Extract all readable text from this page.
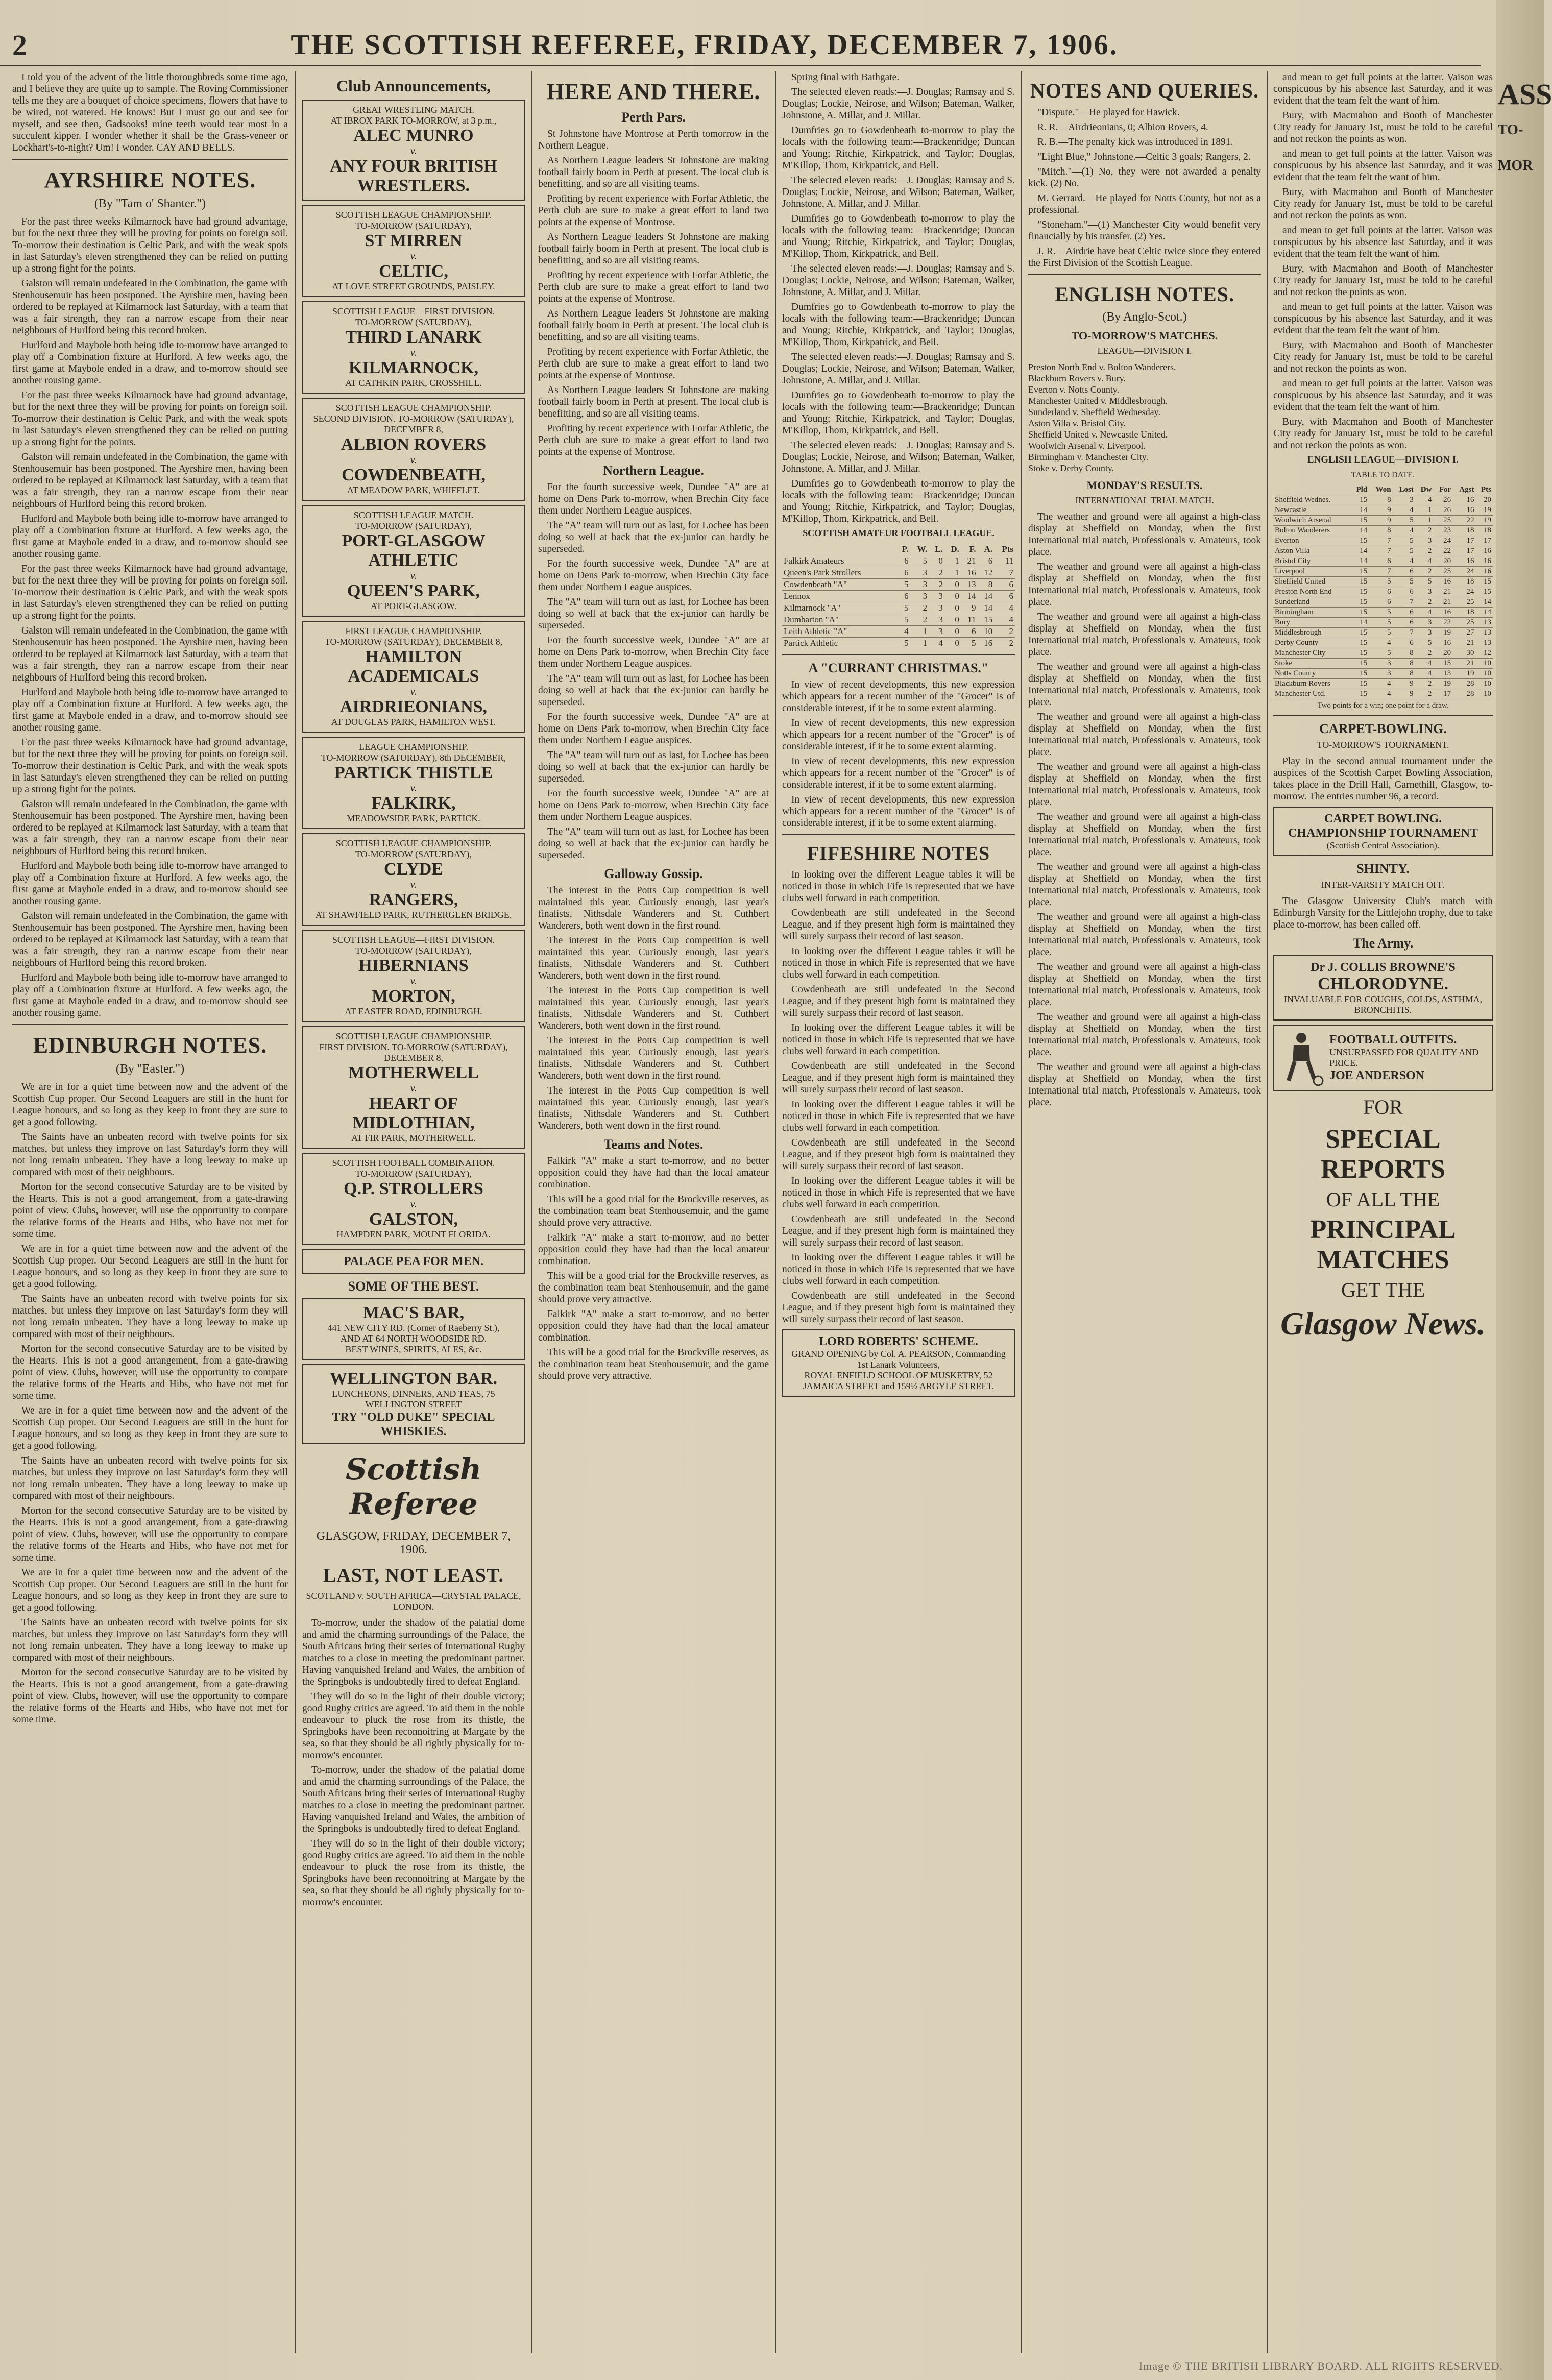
2	THE SCOTTISH REFEREE, FRIDAY, DECEMBER 7, 1906.

I told you of the advent of the little thoroughbreds some time ago, and I believe they are quite up to sample. The Roving Commissioner tells me they are a bouquet of choice specimens, flowers that have to be wired, not watered. He knows! But I must go out and see for myself, and see then, Gadsooks! mine teeth would tear most in a succulent kipper. I wonder whether it shall be the Grass-veneer or Lockhart's-to-night? Um! I wonder. CAY AND BELLS.

AYRSHIRE NOTES.
(By "Tam o' Shanter.")

For the past three weeks Kilmarnock have had ground advantage, but for the next three they will be proving for points on foreign soil. To-morrow their destination is Celtic Park, and with the weak spots in last Saturday's eleven strengthened they can be relied on putting up a strong fight for the points.

Galston will remain undefeated in the Combination, the game with Stenhousemuir has been postponed. The Ayrshire men, having been ordered to be replayed at Kilmarnock last Saturday, with a team that was a fair strength, they ran a narrow escape from their near neighbours of Hurlford being this record broken.

Hurlford and Maybole both being idle to-morrow have arranged to play off a Combination fixture at Hurlford. A few weeks ago, the first game at Maybole ended in a draw, and to-morrow should see another rousing game.

For the past three weeks Kilmarnock have had ground advantage, but for the next three they will be proving for points on foreign soil. To-morrow their destination is Celtic Park, and with the weak spots in last Saturday's eleven strengthened they can be relied on putting up a strong fight for the points.

Galston will remain undefeated in the Combination, the game with Stenhousemuir has been postponed. The Ayrshire men, having been ordered to be replayed at Kilmarnock last Saturday, with a team that was a fair strength, they ran a narrow escape from their near neighbours of Hurlford being this record broken.

Hurlford and Maybole both being idle to-morrow have arranged to play off a Combination fixture at Hurlford. A few weeks ago, the first game at Maybole ended in a draw, and to-morrow should see another rousing game.

For the past three weeks Kilmarnock have had ground advantage, but for the next three they will be proving for points on foreign soil. To-morrow their destination is Celtic Park, and with the weak spots in last Saturday's eleven strengthened they can be relied on putting up a strong fight for the points.

Galston will remain undefeated in the Combination, the game with Stenhousemuir has been postponed. The Ayrshire men, having been ordered to be replayed at Kilmarnock last Saturday, with a team that was a fair strength, they ran a narrow escape from their near neighbours of Hurlford being this record broken.

Hurlford and Maybole both being idle to-morrow have arranged to play off a Combination fixture at Hurlford. A few weeks ago, the first game at Maybole ended in a draw, and to-morrow should see another rousing game.

For the past three weeks Kilmarnock have had ground advantage, but for the next three they will be proving for points on foreign soil. To-morrow their destination is Celtic Park, and with the weak spots in last Saturday's eleven strengthened they can be relied on putting up a strong fight for the points.

Galston will remain undefeated in the Combination, the game with Stenhousemuir has been postponed. The Ayrshire men, having been ordered to be replayed at Kilmarnock last Saturday, with a team that was a fair strength, they ran a narrow escape from their near neighbours of Hurlford being this record broken.

Hurlford and Maybole both being idle to-morrow have arranged to play off a Combination fixture at Hurlford. A few weeks ago, the first game at Maybole ended in a draw, and to-morrow should see another rousing game.

Galston will remain undefeated in the Combination, the game with Stenhousemuir has been postponed. The Ayrshire men, having been ordered to be replayed at Kilmarnock last Saturday, with a team that was a fair strength, they ran a narrow escape from their near neighbours of Hurlford being this record broken.

Hurlford and Maybole both being idle to-morrow have arranged to play off a Combination fixture at Hurlford. A few weeks ago, the first game at Maybole ended in a draw, and to-morrow should see another rousing game.

EDINBURGH NOTES.
(By "Easter.")

We are in for a quiet time between now and the advent of the Scottish Cup proper. Our Second Leaguers are still in the hunt for League honours, and so long as they keep in front they are sure to get a good following.

The Saints have an unbeaten record with twelve points for six matches, but unless they improve on last Saturday's form they will not long remain unbeaten. They have a long leeway to make up compared with most of their neighbours.

Morton for the second consecutive Saturday are to be visited by the Hearts. This is not a good arrangement, from a gate-drawing point of view. Clubs, however, will use the opportunity to compare the relative forms of the Hearts and Hibs, who have not met for some time.

We are in for a quiet time between now and the advent of the Scottish Cup proper. Our Second Leaguers are still in the hunt for League honours, and so long as they keep in front they are sure to get a good following.

The Saints have an unbeaten record with twelve points for six matches, but unless they improve on last Saturday's form they will not long remain unbeaten. They have a long leeway to make up compared with most of their neighbours.

Morton for the second consecutive Saturday are to be visited by the Hearts. This is not a good arrangement, from a gate-drawing point of view. Clubs, however, will use the opportunity to compare the relative forms of the Hearts and Hibs, who have not met for some time.

We are in for a quiet time between now and the advent of the Scottish Cup proper. Our Second Leaguers are still in the hunt for League honours, and so long as they keep in front they are sure to get a good following.

The Saints have an unbeaten record with twelve points for six matches, but unless they improve on last Saturday's form they will not long remain unbeaten. They have a long leeway to make up compared with most of their neighbours.

Morton for the second consecutive Saturday are to be visited by the Hearts. This is not a good arrangement, from a gate-drawing point of view. Clubs, however, will use the opportunity to compare the relative forms of the Hearts and Hibs, who have not met for some time.

We are in for a quiet time between now and the advent of the Scottish Cup proper. Our Second Leaguers are still in the hunt for League honours, and so long as they keep in front they are sure to get a good following.

The Saints have an unbeaten record with twelve points for six matches, but unless they improve on last Saturday's form they will not long remain unbeaten. They have a long leeway to make up compared with most of their neighbours.

Morton for the second consecutive Saturday are to be visited by the Hearts. This is not a good arrangement, from a gate-drawing point of view. Clubs, however, will use the opportunity to compare the relative forms of the Hearts and Hibs, who have not met for some time.

Club Announcements,
GREAT WRESTLING MATCH.
AT IBROX PARK TO-MORROW, at 3 p.m.,
ALEC MUNRO
v.
ANY FOUR BRITISH WRESTLERS.
SCOTTISH LEAGUE CHAMPIONSHIP.
TO-MORROW (SATURDAY),
ST MIRREN
v.
CELTIC,
AT LOVE STREET GROUNDS, PAISLEY.
SCOTTISH LEAGUE—FIRST DIVISION.
TO-MORROW (SATURDAY),
THIRD LANARK
v.
KILMARNOCK,
AT CATHKIN PARK, CROSSHILL.
SCOTTISH LEAGUE CHAMPIONSHIP.
SECOND DIVISION. TO-MORROW (SATURDAY), DECEMBER 8,
ALBION ROVERS
v.
COWDENBEATH,
AT MEADOW PARK, WHIFFLET.
SCOTTISH LEAGUE MATCH.
TO-MORROW (SATURDAY),
PORT-GLASGOW ATHLETIC
v.
QUEEN'S PARK,
AT PORT-GLASGOW.
FIRST LEAGUE CHAMPIONSHIP.
TO-MORROW (SATURDAY), DECEMBER 8,
HAMILTON ACADEMICALS
v.
AIRDRIEONIANS,
AT DOUGLAS PARK, HAMILTON WEST.
LEAGUE CHAMPIONSHIP.
TO-MORROW (SATURDAY), 8th DECEMBER,
PARTICK THISTLE
v.
FALKIRK,
MEADOWSIDE PARK, PARTICK.
SCOTTISH LEAGUE CHAMPIONSHIP.
TO-MORROW (SATURDAY),
CLYDE
v.
RANGERS,
AT SHAWFIELD PARK, RUTHERGLEN BRIDGE.
SCOTTISH LEAGUE—FIRST DIVISION.
TO-MORROW (SATURDAY),
HIBERNIANS
v.
MORTON,
AT EASTER ROAD, EDINBURGH.
SCOTTISH LEAGUE CHAMPIONSHIP.
FIRST DIVISION. TO-MORROW (SATURDAY), DECEMBER 8,
MOTHERWELL
v.
HEART OF MIDLOTHIAN,
AT FIR PARK, MOTHERWELL.
SCOTTISH FOOTBALL COMBINATION.
TO-MORROW (SATURDAY),
Q.P. STROLLERS
v.
GALSTON,
HAMPDEN PARK, MOUNT FLORIDA.
PALACE PEA FOR MEN.
SOME OF THE BEST.
MAC'S BAR,
441 NEW CITY RD. (Corner of Raeberry St.),
AND AT 64 NORTH WOODSIDE RD.
BEST WINES, SPIRITS, ALES, &c.
WELLINGTON BAR.
LUNCHEONS, DINNERS, AND TEAS, 75 WELLINGTON STREET
TRY "OLD DUKE" SPECIAL WHISKIES.
Scottish Referee
GLASGOW, FRIDAY, DECEMBER 7, 1906.
LAST, NOT LEAST.
SCOTLAND v. SOUTH AFRICA—CRYSTAL PALACE, LONDON.

To-morrow, under the shadow of the palatial dome and amid the charming surroundings of the Palace, the South Africans bring their series of International Rugby matches to a close in meeting the predominant partner. Having vanquished Ireland and Wales, the ambition of the Springboks is undoubtedly fired to defeat England.

They will do so in the light of their double victory; good Rugby critics are agreed. To aid them in the noble endeavour to pluck the rose from its thistle, the Springboks have been reconnoitring at Margate by the sea, so that they should be all rightly physically for to-morrow's encounter.

To-morrow, under the shadow of the palatial dome and amid the charming surroundings of the Palace, the South Africans bring their series of International Rugby matches to a close in meeting the predominant partner. Having vanquished Ireland and Wales, the ambition of the Springboks is undoubtedly fired to defeat England.

They will do so in the light of their double victory; good Rugby critics are agreed. To aid them in the noble endeavour to pluck the rose from its thistle, the Springboks have been reconnoitring at Margate by the sea, so that they should be all rightly physically for to-morrow's encounter.

HERE AND THERE.
Perth Pars.

St Johnstone have Montrose at Perth tomorrow in the Northern League.

As Northern League leaders St Johnstone are making football fairly boom in Perth at present. The local club is benefitting, and so are all visiting teams.

Profiting by recent experience with Forfar Athletic, the Perth club are sure to make a great effort to land two points at the expense of Montrose.

As Northern League leaders St Johnstone are making football fairly boom in Perth at present. The local club is benefitting, and so are all visiting teams.

Profiting by recent experience with Forfar Athletic, the Perth club are sure to make a great effort to land two points at the expense of Montrose.

As Northern League leaders St Johnstone are making football fairly boom in Perth at present. The local club is benefitting, and so are all visiting teams.

Profiting by recent experience with Forfar Athletic, the Perth club are sure to make a great effort to land two points at the expense of Montrose.

As Northern League leaders St Johnstone are making football fairly boom in Perth at present. The local club is benefitting, and so are all visiting teams.

Profiting by recent experience with Forfar Athletic, the Perth club are sure to make a great effort to land two points at the expense of Montrose.

Northern League.

For the fourth successive week, Dundee "A" are at home on Dens Park to-morrow, when Brechin City face them under Northern League auspices.

The "A" team will turn out as last, for Lochee has been doing so well at back that the ex-junior can hardly be superseded.

For the fourth successive week, Dundee "A" are at home on Dens Park to-morrow, when Brechin City face them under Northern League auspices.

The "A" team will turn out as last, for Lochee has been doing so well at back that the ex-junior can hardly be superseded.

For the fourth successive week, Dundee "A" are at home on Dens Park to-morrow, when Brechin City face them under Northern League auspices.

The "A" team will turn out as last, for Lochee has been doing so well at back that the ex-junior can hardly be superseded.

For the fourth successive week, Dundee "A" are at home on Dens Park to-morrow, when Brechin City face them under Northern League auspices.

The "A" team will turn out as last, for Lochee has been doing so well at back that the ex-junior can hardly be superseded.

For the fourth successive week, Dundee "A" are at home on Dens Park to-morrow, when Brechin City face them under Northern League auspices.

The "A" team will turn out as last, for Lochee has been doing so well at back that the ex-junior can hardly be superseded.

Galloway Gossip.

The interest in the Potts Cup competition is well maintained this year. Curiously enough, last year's finalists, Nithsdale Wanderers and St. Cuthbert Wanderers, both went down in the first round.

The interest in the Potts Cup competition is well maintained this year. Curiously enough, last year's finalists, Nithsdale Wanderers and St. Cuthbert Wanderers, both went down in the first round.

The interest in the Potts Cup competition is well maintained this year. Curiously enough, last year's finalists, Nithsdale Wanderers and St. Cuthbert Wanderers, both went down in the first round.

The interest in the Potts Cup competition is well maintained this year. Curiously enough, last year's finalists, Nithsdale Wanderers and St. Cuthbert Wanderers, both went down in the first round.

The interest in the Potts Cup competition is well maintained this year. Curiously enough, last year's finalists, Nithsdale Wanderers and St. Cuthbert Wanderers, both went down in the first round.

Teams and Notes.

Falkirk "A" make a start to-morrow, and no better opposition could they have had than the local amateur combination.

This will be a good trial for the Brockville reserves, as the combination team beat Stenhousemuir, and the game should prove very attractive.

Falkirk "A" make a start to-morrow, and no better opposition could they have had than the local amateur combination.

This will be a good trial for the Brockville reserves, as the combination team beat Stenhousemuir, and the game should prove very attractive.

Falkirk "A" make a start to-morrow, and no better opposition could they have had than the local amateur combination.

This will be a good trial for the Brockville reserves, as the combination team beat Stenhousemuir, and the game should prove very attractive.

Spring final with Bathgate.

The selected eleven reads:—J. Douglas; Ramsay and S. Douglas; Lockie, Neirose, and Wilson; Bateman, Walker, Johnstone, A. Millar, and J. Millar.

Dumfries go to Gowdenbeath to-morrow to play the locals with the following team:—Brackenridge; Duncan and Young; Ritchie, Kirkpatrick, and Taylor; Douglas, M'Killop, Thom, Kirkpatrick, and Bell.

The selected eleven reads:—J. Douglas; Ramsay and S. Douglas; Lockie, Neirose, and Wilson; Bateman, Walker, Johnstone, A. Millar, and J. Millar.

Dumfries go to Gowdenbeath to-morrow to play the locals with the following team:—Brackenridge; Duncan and Young; Ritchie, Kirkpatrick, and Taylor; Douglas, M'Killop, Thom, Kirkpatrick, and Bell.

The selected eleven reads:—J. Douglas; Ramsay and S. Douglas; Lockie, Neirose, and Wilson; Bateman, Walker, Johnstone, A. Millar, and J. Millar.

Dumfries go to Gowdenbeath to-morrow to play the locals with the following team:—Brackenridge; Duncan and Young; Ritchie, Kirkpatrick, and Taylor; Douglas, M'Killop, Thom, Kirkpatrick, and Bell.

The selected eleven reads:—J. Douglas; Ramsay and S. Douglas; Lockie, Neirose, and Wilson; Bateman, Walker, Johnstone, A. Millar, and J. Millar.

Dumfries go to Gowdenbeath to-morrow to play the locals with the following team:—Brackenridge; Duncan and Young; Ritchie, Kirkpatrick, and Taylor; Douglas, M'Killop, Thom, Kirkpatrick, and Bell.

The selected eleven reads:—J. Douglas; Ramsay and S. Douglas; Lockie, Neirose, and Wilson; Bateman, Walker, Johnstone, A. Millar, and J. Millar.

Dumfries go to Gowdenbeath to-morrow to play the locals with the following team:—Brackenridge; Duncan and Young; Ritchie, Kirkpatrick, and Taylor; Douglas, M'Killop, Thom, Kirkpatrick, and Bell.

SCOTTISH AMATEUR FOOTBALL LEAGUE.
	P.	W.	L.	D.	F.	A.	Pts
Falkirk Amateurs	6	5	0	1	21	6	11
Queen's Park Strollers	6	3	2	1	16	12	7
Cowdenbeath "A"	5	3	2	0	13	8	6
Lennox	6	3	3	0	14	14	6
Kilmarnock "A"	5	2	3	0	9	14	4
Dumbarton "A"	5	2	3	0	11	15	4
Leith Athletic "A"	4	1	3	0	6	10	2
Partick Athletic	5	1	4	0	5	16	2
A "CURRANT CHRISTMAS."

In view of recent developments, this new expression which appears for a recent number of the "Grocer" is of considerable interest, if it be to some extent alarming.

In view of recent developments, this new expression which appears for a recent number of the "Grocer" is of considerable interest, if it be to some extent alarming.

In view of recent developments, this new expression which appears for a recent number of the "Grocer" is of considerable interest, if it be to some extent alarming.

In view of recent developments, this new expression which appears for a recent number of the "Grocer" is of considerable interest, if it be to some extent alarming.

FIFESHIRE NOTES

In looking over the different League tables it will be noticed in those in which Fife is represented that we have clubs well forward in each competition.

Cowdenbeath are still undefeated in the Second League, and if they present high form is maintained they will surely surpass their record of last season.

In looking over the different League tables it will be noticed in those in which Fife is represented that we have clubs well forward in each competition.

Cowdenbeath are still undefeated in the Second League, and if they present high form is maintained they will surely surpass their record of last season.

In looking over the different League tables it will be noticed in those in which Fife is represented that we have clubs well forward in each competition.

Cowdenbeath are still undefeated in the Second League, and if they present high form is maintained they will surely surpass their record of last season.

In looking over the different League tables it will be noticed in those in which Fife is represented that we have clubs well forward in each competition.

Cowdenbeath are still undefeated in the Second League, and if they present high form is maintained they will surely surpass their record of last season.

In looking over the different League tables it will be noticed in those in which Fife is represented that we have clubs well forward in each competition.

Cowdenbeath are still undefeated in the Second League, and if they present high form is maintained they will surely surpass their record of last season.

In looking over the different League tables it will be noticed in those in which Fife is represented that we have clubs well forward in each competition.

Cowdenbeath are still undefeated in the Second League, and if they present high form is maintained they will surely surpass their record of last season.

LORD ROBERTS' SCHEME.
GRAND OPENING by Col. A. PEARSON, Commanding 1st Lanark Volunteers,
ROYAL ENFIELD SCHOOL OF MUSKETRY, 52 JAMAICA STREET and 159½ ARGYLE STREET.
NOTES AND QUERIES.

"Dispute."—He played for Hawick.

R. R.—Airdrieonians, 0; Albion Rovers, 4.

R. B.—The penalty kick was introduced in 1891.

"Light Blue," Johnstone.—Celtic 3 goals; Rangers, 2.

"Mitch."—(1) No, they were not awarded a penalty kick. (2) No.

M. Gerrard.—He played for Notts County, but not as a professional.

"Stoneham."—(1) Manchester City would benefit very financially by his transfer. (2) Yes.

J. R.—Airdrie have beat Celtic twice since they entered the First Division of the Scottish League.

ENGLISH NOTES.
(By Anglo-Scot.)
TO-MORROW'S MATCHES.
LEAGUE—DIVISION I.
Preston North End v. Bolton Wanderers.
Blackburn Rovers v. Bury.
Everton v. Notts County.
Manchester United v. Middlesbrough.
Sunderland v. Sheffield Wednesday.
Aston Villa v. Bristol City.
Sheffield United v. Newcastle United.
Woolwich Arsenal v. Liverpool.
Birmingham v. Manchester City.
Stoke v. Derby County.
MONDAY'S RESULTS.
INTERNATIONAL TRIAL MATCH.

The weather and ground were all against a high-class display at Sheffield on Monday, when the first International trial match, Professionals v. Amateurs, took place.

The weather and ground were all against a high-class display at Sheffield on Monday, when the first International trial match, Professionals v. Amateurs, took place.

The weather and ground were all against a high-class display at Sheffield on Monday, when the first International trial match, Professionals v. Amateurs, took place.

The weather and ground were all against a high-class display at Sheffield on Monday, when the first International trial match, Professionals v. Amateurs, took place.

The weather and ground were all against a high-class display at Sheffield on Monday, when the first International trial match, Professionals v. Amateurs, took place.

The weather and ground were all against a high-class display at Sheffield on Monday, when the first International trial match, Professionals v. Amateurs, took place.

The weather and ground were all against a high-class display at Sheffield on Monday, when the first International trial match, Professionals v. Amateurs, took place.

The weather and ground were all against a high-class display at Sheffield on Monday, when the first International trial match, Professionals v. Amateurs, took place.

The weather and ground were all against a high-class display at Sheffield on Monday, when the first International trial match, Professionals v. Amateurs, took place.

The weather and ground were all against a high-class display at Sheffield on Monday, when the first International trial match, Professionals v. Amateurs, took place.

The weather and ground were all against a high-class display at Sheffield on Monday, when the first International trial match, Professionals v. Amateurs, took place.

The weather and ground were all against a high-class display at Sheffield on Monday, when the first International trial match, Professionals v. Amateurs, took place.

and mean to get full points at the latter. Vaison was conspicuous by his absence last Saturday, and it was evident that the team felt the want of him.

Bury, with Macmahon and Booth of Manchester City ready for January 1st, must be told to be careful and not reckon the points as won.

and mean to get full points at the latter. Vaison was conspicuous by his absence last Saturday, and it was evident that the team felt the want of him.

Bury, with Macmahon and Booth of Manchester City ready for January 1st, must be told to be careful and not reckon the points as won.

and mean to get full points at the latter. Vaison was conspicuous by his absence last Saturday, and it was evident that the team felt the want of him.

Bury, with Macmahon and Booth of Manchester City ready for January 1st, must be told to be careful and not reckon the points as won.

and mean to get full points at the latter. Vaison was conspicuous by his absence last Saturday, and it was evident that the team felt the want of him.

Bury, with Macmahon and Booth of Manchester City ready for January 1st, must be told to be careful and not reckon the points as won.

and mean to get full points at the latter. Vaison was conspicuous by his absence last Saturday, and it was evident that the team felt the want of him.

Bury, with Macmahon and Booth of Manchester City ready for January 1st, must be told to be careful and not reckon the points as won.

ENGLISH LEAGUE—DIVISION I.
TABLE TO DATE.
	Pld	Won	Lost	Dw	For	Agst	Pts
Sheffield Wednes.	15	8	3	4	26	16	20
Newcastle	14	9	4	1	26	16	19
Woolwich Arsenal	15	9	5	1	25	22	19
Bolton Wanderers	14	8	4	2	23	18	18
Everton	15	7	5	3	24	17	17
Aston Villa	14	7	5	2	22	17	16
Bristol City	14	6	4	4	20	16	16
Liverpool	15	7	6	2	25	24	16
Sheffield United	15	5	5	5	16	18	15
Preston North End	15	6	6	3	21	24	15
Sunderland	15	6	7	2	21	25	14
Birmingham	15	5	6	4	16	18	14
Bury	14	5	6	3	22	25	13
Middlesbrough	15	5	7	3	19	27	13
Derby County	15	4	6	5	16	21	13
Manchester City	15	5	8	2	20	30	12
Stoke	15	3	8	4	15	21	10
Notts County	15	3	8	4	13	19	10
Blackburn Rovers	15	4	9	2	19	28	10
Manchester Utd.	15	4	9	2	17	28	10
Two points for a win; one point for a draw.
CARPET-BOWLING.
TO-MORROW'S TOURNAMENT.

Play in the second annual tournament under the auspices of the Scottish Carpet Bowling Association, takes place in the Drill Hall, Garnethill, Glasgow, to-morrow. The entries number 96, a record.

CARPET BOWLING.
CHAMPIONSHIP TOURNAMENT
(Scottish Central Association).
SHINTY.
INTER-VARSITY MATCH OFF.

The Glasgow University Club's match with Edinburgh Varsity for the Littlejohn trophy, due to take place to-morrow, has been called off.

The Army.
Dr J. COLLIS BROWNE'S
CHLORODYNE.
INVALUABLE FOR COUGHS, COLDS, ASTHMA, BRONCHITIS.
FOOTBALL OUTFITS.
UNSURPASSED FOR QUALITY AND PRICE.
JOE ANDERSON
FOR
SPECIAL REPORTS
OF ALL THE
PRINCIPAL MATCHES
GET THE
Glasgow News.
ASS
TO-MOR
Image © THE BRITISH LIBRARY BOARD. ALL RIGHTS RESERVED.
